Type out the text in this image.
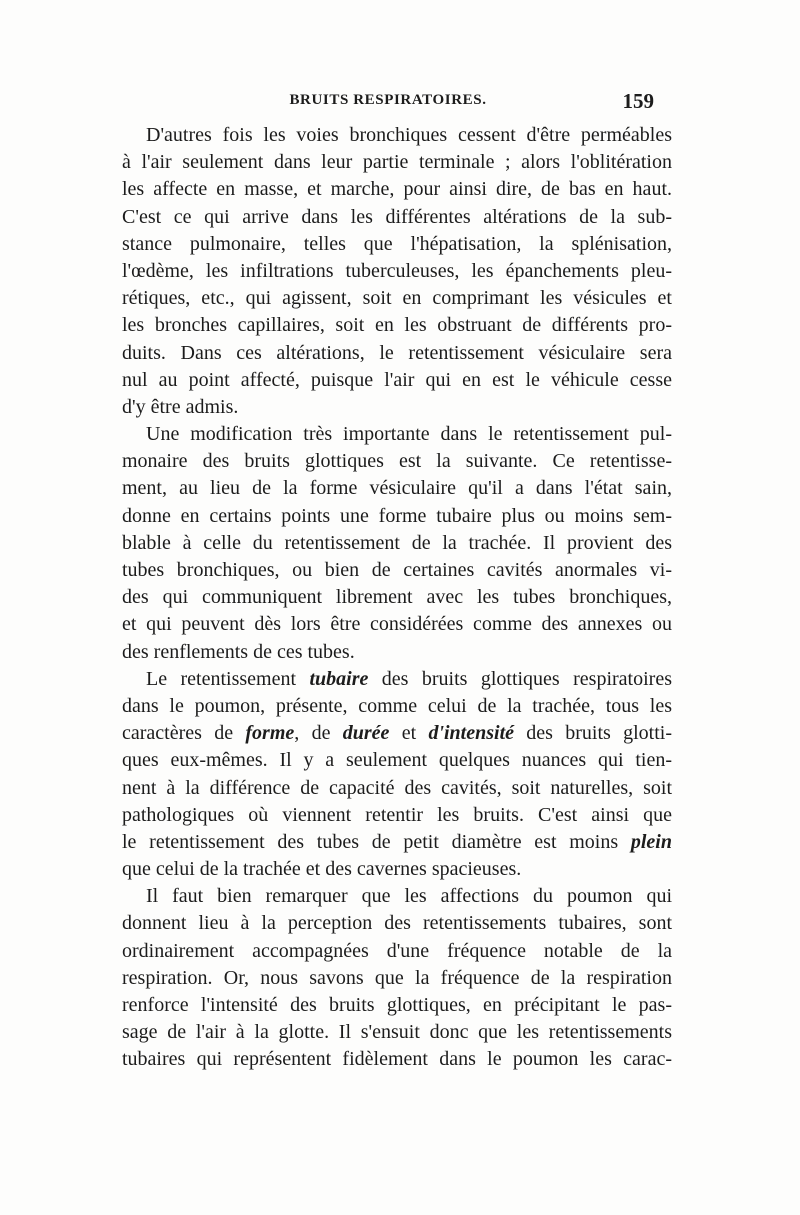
BRUITS RESPIRATOIRES.	159

D'autres fois les voies bronchiques cessent d'être perméables
à l'air seulement dans leur partie terminale ; alors l'oblitération
les affecte en masse, et marche, pour ainsi dire, de bas en haut.
C'est ce qui arrive dans les différentes altérations de la sub-
stance pulmonaire, telles que l'hépatisation, la splénisation,
l'œdème, les infiltrations tuberculeuses, les épanchements pleu-
rétiques, etc., qui agissent, soit en comprimant les vésicules et
les bronches capillaires, soit en les obstruant de différents pro-
duits. Dans ces altérations, le retentissement vésiculaire sera
nul au point affecté, puisque l'air qui en est le véhicule cesse
d'y être admis.

Une modification très importante dans le retentissement pul-
monaire des bruits glottiques est la suivante. Ce retentisse-
ment, au lieu de la forme vésiculaire qu'il a dans l'état sain,
donne en certains points une forme tubaire plus ou moins sem-
blable à celle du retentissement de la trachée. Il provient des
tubes bronchiques, ou bien de certaines cavités anormales vi-
des qui communiquent librement avec les tubes bronchiques,
et qui peuvent dès lors être considérées comme des annexes ou
des renflements de ces tubes.

Le retentissement tubaire des bruits glottiques respiratoires
dans le poumon, présente, comme celui de la trachée, tous les
caractères de forme, de durée et d'intensité des bruits glotti-
ques eux-mêmes. Il y a seulement quelques nuances qui tien-
nent à la différence de capacité des cavités, soit naturelles, soit
pathologiques où viennent retentir les bruits. C'est ainsi que
le retentissement des tubes de petit diamètre est moins plein
que celui de la trachée et des cavernes spacieuses.

Il faut bien remarquer que les affections du poumon qui
donnent lieu à la perception des retentissements tubaires, sont
ordinairement accompagnées d'une fréquence notable de la
respiration. Or, nous savons que la fréquence de la respiration
renforce l'intensité des bruits glottiques, en précipitant le pas-
sage de l'air à la glotte. Il s'ensuit donc que les retentissements
tubaires qui représentent fidèlement dans le poumon les carac-
